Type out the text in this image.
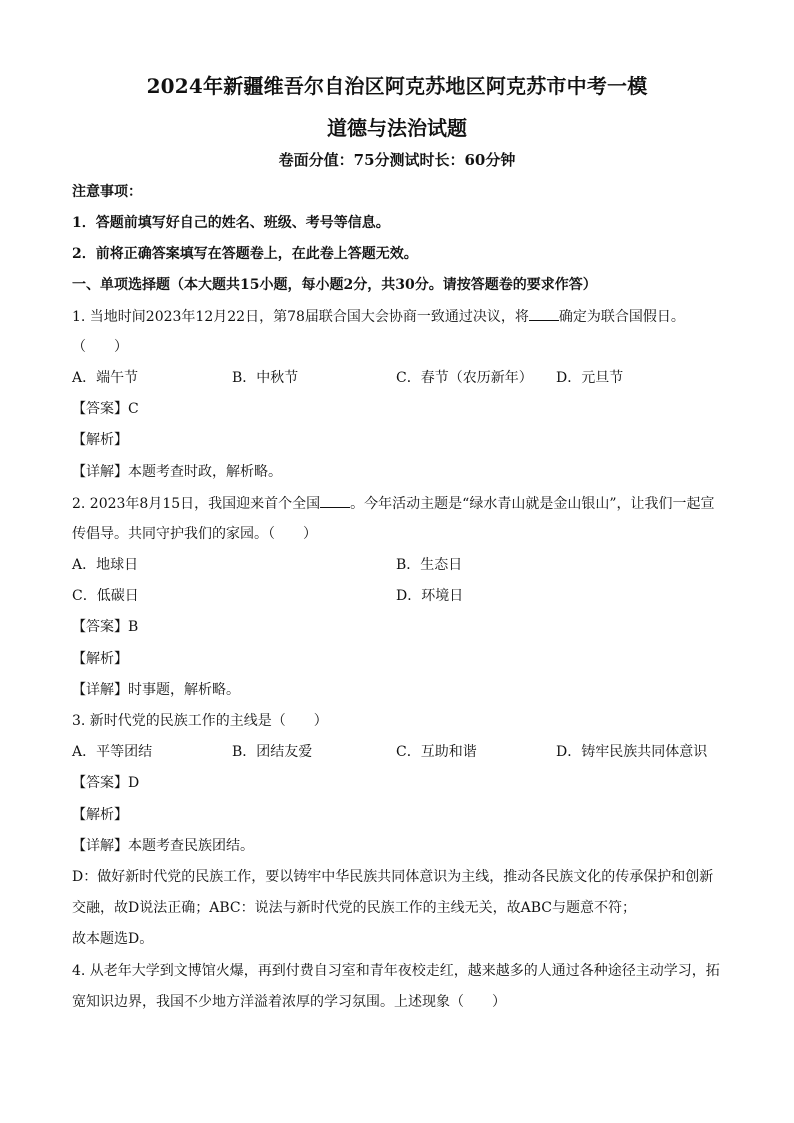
2024年新疆维吾尔自治区阿克苏地区阿克苏市中考一模
道德与法治试题
卷面分值：75分测试时长：60分钟
注意事项：
1．答题前填写好自己的姓名、班级、考号等信息。
2．前将正确答案填写在答题卷上，在此卷上答题无效。
一、单项选择题（本大题共15小题，每小题2分，共30分。请按答题卷的要求作答）
1. 当地时间2023年12月22日，第78届联合国大会协商一致通过决议，将 确定为联合国假日。
（　　）
A．端午节	B．中秋节	C．春节（农历新年） D．元旦节
【答案】C
【解析】
【详解】本题考查时政，解析略。
2. 2023年8月15日，我国迎来首个全国 。今年活动主题是“绿水青山就是金山银山”，让我们一起宣
传倡导。共同守护我们的家园。（　　）
A．地球日	B．生态日
C．低碳日	D．环境日
【答案】B
【解析】
【详解】时事题，解析略。
3. 新时代党的民族工作的主线是（　　）
A．平等团结	B．团结友爱	C．互助和谐	D．铸牢民族共同体意识
【答案】D
【解析】
【详解】本题考查民族团结。
D：做好新时代党的民族工作，要以铸牢中华民族共同体意识为主线，推动各民族文化的传承保护和创新
交融，故D说法正确；ABC：说法与新时代党的民族工作的主线无关，故ABC与题意不符；
故本题选D。
4. 从老年大学到文博馆火爆，再到付费自习室和青年夜校走红，越来越多的人通过各种途径主动学习，拓
宽知识边界，我国不少地方洋溢着浓厚的学习氛围。上述现象（　　）
